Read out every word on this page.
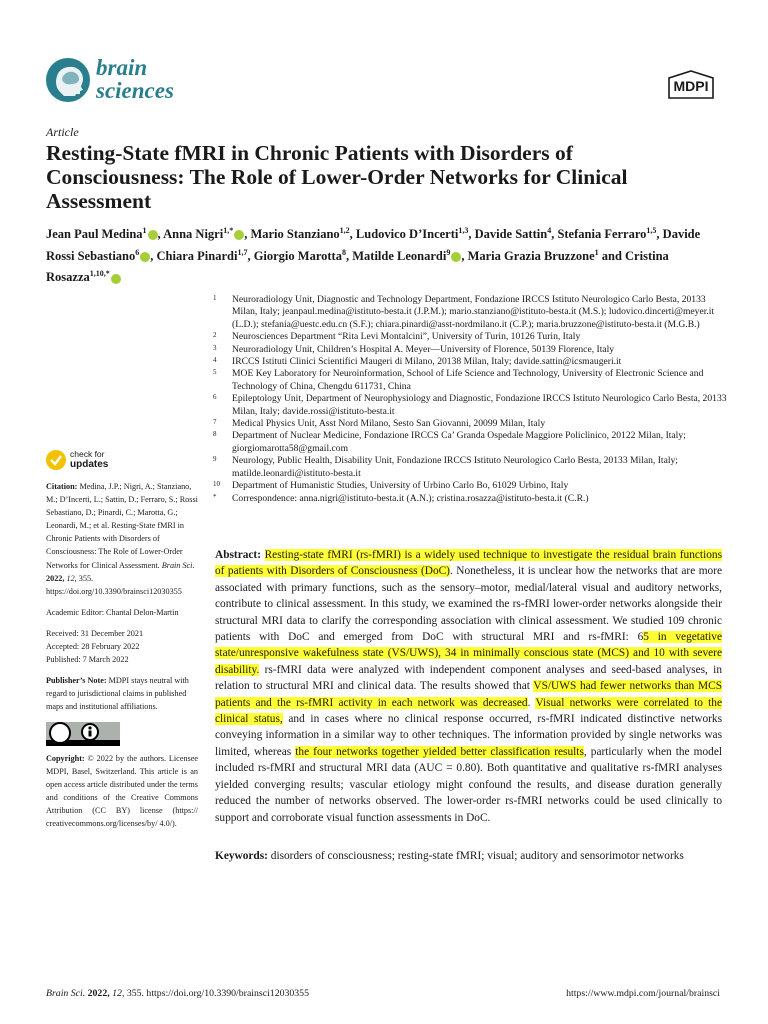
brain
sciences	MDPI
Article
Resting-State fMRI in Chronic Patients with Disorders of Consciousness: The Role of Lower-Order Networks for Clinical Assessment
Jean Paul Medina$^1$ , Anna Nigri$^{1,*}$ , Mario Stanziano$^{1,2}$, Ludovico D’Incerti$^{1,3}$, Davide Sattin$^4$, Stefania Ferraro$^{1,5}$, Davide Rossi Sebastiano$^6$ , Chiara Pinardi$^{1,7}$, Giorgio Marotta$^8$, Matilde Leonardi$^9$ , Maria Grazia Bruzzone$^1$ and Cristina Rosazza$^{1,10,*}$

1 Neuroradiology Unit, Diagnostic and Technology Department, Fondazione IRCCS Istituto Neurologico Carlo Besta, 20133 Milan, Italy; jeanpaul.medina@istituto-besta.it (J.P.M.); mario.stanziano@istituto-besta.it (M.S.); ludovico.dincerti@meyer.it (L.D.); stefania@uestc.edu.cn (S.F.); chiara.pinardi@asst-nordmilano.it (C.P.); maria.bruzzone@istituto-besta.it (M.G.B.)

2 Neurosciences Department “Rita Levi Montalcini”, University of Turin, 10126 Turin, Italy

3 Neuroradiology Unit, Children’s Hospital A. Meyer—University of Florence, 50139 Florence, Italy

4 IRCCS Istituti Clinici Scientifici Maugeri di Milano, 20138 Milan, Italy; davide.sattin@icsmaugeri.it

5 MOE Key Laboratory for Neuroinformation, School of Life Science and Technology, University of Electronic Science and Technology of China, Chengdu 611731, China

6 Epileptology Unit, Department of Neurophysiology and Diagnostic, Fondazione IRCCS Istituto Neurologico Carlo Besta, 20133 Milan, Italy; davide.rossi@istituto-besta.it

7 Medical Physics Unit, Asst Nord Milano, Sesto San Giovanni, 20099 Milan, Italy

8 Department of Nuclear Medicine, Fondazione IRCCS Ca’ Granda Ospedale Maggiore Policlinico, 20122 Milan, Italy; giorgiomarotta58@gmail.com

9 Neurology, Public Health, Disability Unit, Fondazione IRCCS Istituto Neurologico Carlo Besta, 20133 Milan, Italy; matilde.leonardi@istituto-besta.it

10 Department of Humanistic Studies, University of Urbino Carlo Bo, 61029 Urbino, Italy

* Correspondence: anna.nigri@istituto-besta.it (A.N.); cristina.rosazza@istituto-besta.it (C.R.)

check for
updates

Citation: Medina, J.P.; Nigri, A.; Stanziano, M.; D’Incerti, L.; Sattin, D.; Ferraro, S.; Rossi Sebastiano, D.; Pinardi, C.; Marotta, G.; Leonardi, M.; et al. Resting-State fMRI in Chronic Patients with Disorders of Consciousness: The Role of Lower-Order Networks for Clinical Assessment. Brain Sci. 2022, 12, 355. https://doi.org/10.3390/brainsci12030355

Academic Editor: Chantal Delon-Martin

Received: 31 December 2021
Accepted: 28 February 2022
Published: 7 March 2022

Publisher’s Note: MDPI stays neutral with regard to jurisdictional claims in published maps and institutional affiliations.

Copyright: © 2022 by the authors. Licensee MDPI, Basel, Switzerland. This article is an open access article distributed under the terms and conditions of the Creative Commons Attribution (CC BY) license (https:// creativecommons.org/licenses/by/ 4.0/).

Abstract: Resting-state fMRI (rs-fMRI) is a widely used technique to investigate the residual brain functions of patients with Disorders of Consciousness (DoC). Nonetheless, it is unclear how the networks that are more associated with primary functions, such as the sensory–motor, medial/lateral visual and auditory networks, contribute to clinical assessment. In this study, we examined the rs-fMRI lower-order networks alongside their structural MRI data to clarify the corresponding association with clinical assessment. We studied 109 chronic patients with DoC and emerged from DoC with structural MRI and rs-fMRI: 65 in vegetative state/unresponsive wakefulness state (VS/UWS), 34 in minimally conscious state (MCS) and 10 with severe disability. rs-fMRI data were analyzed with independent component analyses and seed-based analyses, in relation to structural MRI and clinical data. The results showed that VS/UWS had fewer networks than MCS patients and the rs-fMRI activity in each network was decreased. Visual networks were correlated to the clinical status, and in cases where no clinical response occurred, rs-fMRI indicated distinctive networks conveying information in a similar way to other techniques. The information provided by single networks was limited, whereas the four networks together yielded better classification results, particularly when the model included rs-fMRI and structural MRI data (AUC = 0.80). Both quantitative and qualitative rs-fMRI analyses yielded converging results; vascular etiology might confound the results, and disease duration generally reduced the number of networks observed. The lower-order rs-fMRI networks could be used clinically to support and corroborate visual function assessments in DoC.

Keywords: disorders of consciousness; resting-state fMRI; visual; auditory and sensorimotor networks

Brain Sci. 2022, 12, 355. https://doi.org/10.3390/brainsci12030355	https://www.mdpi.com/journal/brainsci
